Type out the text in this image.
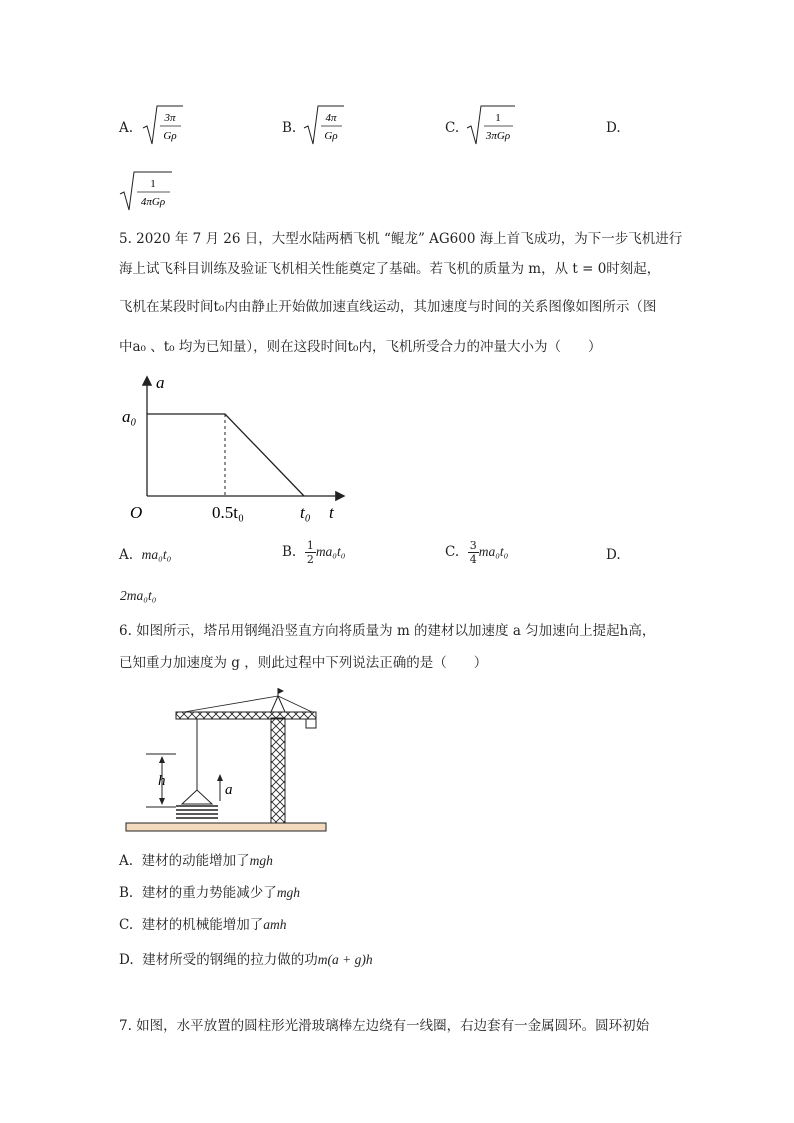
A.
3π
Gρ	B.
4π
Gρ	C.
1
3πGρ	D.
1
4πGρ
5. 2020 年 7 月 26 日，大型水陆两栖飞机 “鲲龙” AG600 海上首飞成功，为下一步飞机进行
海上试飞科目训练及验证飞机相关性能奠定了基础。若飞机的质量为 m，从 t = 0时刻起，
飞机在某段时间t₀内由静止开始做加速直线运动，其加速度与时间的关系图像如图所示（图
中a₀ 、t₀ 均为已知量），则在这段时间t₀内，飞机所受合力的冲量大小为（　　）
a
t
O
a₀
0.5t₀	t₀
A. ma₀t₀	B. $\frac{1}{2} ma_0t_0$	C. $\frac{3}{4} ma_0t_0$	D.
2ma₀t₀
6. 如图所示，塔吊用钢绳沿竖直方向将质量为 m 的建材以加速度 a 匀加速向上提起h高，
已知重力加速度为 g ，则此过程中下列说法正确的是（　　）
h
a
A. 建材的动能增加了mgh
B. 建材的重力势能减少了mgh
C. 建材的机械能增加了amh
D. 建材所受的钢绳的拉力做的功m(a + g)h
7. 如图，水平放置的圆柱形光滑玻璃棒左边绕有一线圈，右边套有一金属圆环。圆环初始
